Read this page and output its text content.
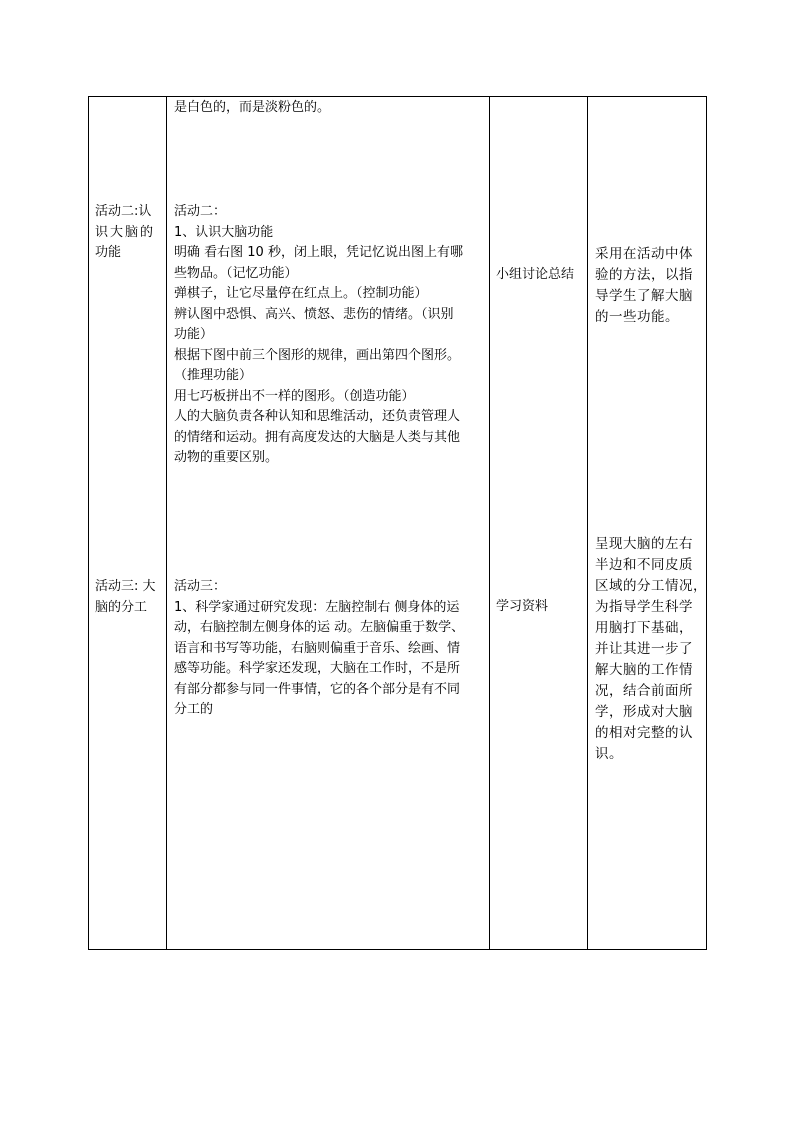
是白色的，而是淡粉色的。
活动二:认
识大脑的
功能
活动二：
1、认识大脑功能
明确 看右图 10 秒，闭上眼，凭记忆说出图上有哪
些物品。（记忆功能）
弹棋子，让它尽量停在红点上。（控制功能）
辨认图中恐惧、高兴、愤怒、悲伤的情绪。（识别
功能）
根据下图中前三个图形的规律，画出第四个图形。
（推理功能）
用七巧板拼出不一样的图形。（创造功能）
人的大脑负责各种认知和思维活动，还负责管理人
的情绪和运动。拥有高度发达的大脑是人类与其他
动物的重要区别。
小组讨论总结
采用在活动中体
验的方法，以指
导学生了解大脑
的一些功能。
活动三: 大
脑的分工
活动三：
1、科学家通过研究发现：左脑控制右 侧身体的运
动，右脑控制左侧身体的运 动。左脑偏重于数学、
语言和书写等功能，右脑则偏重于音乐、绘画、情
感等功能。科学家还发现，大脑在工作时，不是所
有部分都参与同一件事情，它的各个部分是有不同
分工的
学习资料
呈现大脑的左右
半边和不同皮质
区域的分工情况，
为指导学生科学
用脑打下基础，
并让其进一步了
解大脑的工作情
况，结合前面所
学，形成对大脑
的相对完整的认
识。
